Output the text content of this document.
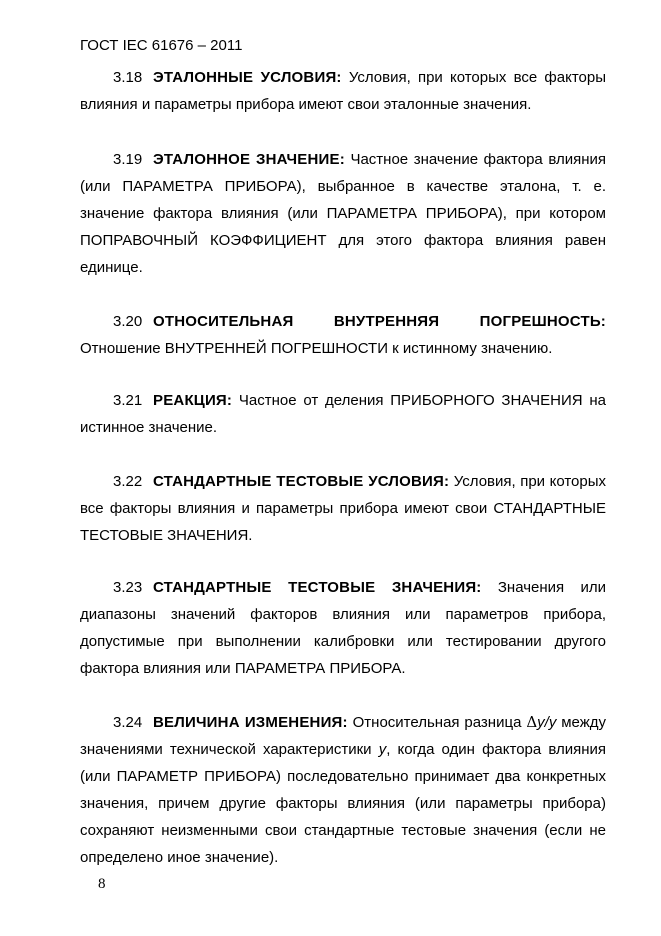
ГОСТ IEC 61676 – 2011
3.18 ЭТАЛОННЫЕ УСЛОВИЯ: Условия, при которых все факторы влияния и параметры прибора имеют свои эталонные значения.
3.19 ЭТАЛОННОЕ ЗНАЧЕНИЕ: Частное значение фактора влияния (или ПАРАМЕТРА ПРИБОРА), выбранное в качестве эталона, т. е. значение фактора влияния (или ПАРАМЕТРА ПРИБОРА), при котором ПОПРАВОЧНЫЙ КОЭФФИЦИЕНТ для этого фактора влияния равен единице.
3.20 ОТНОСИТЕЛЬНАЯ ВНУТРЕННЯЯ ПОГРЕШНОСТЬ: Отношение ВНУТРЕННЕЙ ПОГРЕШНОСТИ к истинному значению.
3.21 РЕАКЦИЯ: Частное от деления ПРИБОРНОГО ЗНАЧЕНИЯ на истинное значение.
3.22 СТАНДАРТНЫЕ ТЕСТОВЫЕ УСЛОВИЯ: Условия, при которых все факторы влияния и параметры прибора имеют свои СТАНДАРТНЫЕ ТЕСТОВЫЕ ЗНАЧЕНИЯ.
3.23 СТАНДАРТНЫЕ ТЕСТОВЫЕ ЗНАЧЕНИЯ: Значения или диапазоны значений факторов влияния или параметров прибора, допустимые при выполнении калибровки или тестировании другого фактора влияния или ПАРАМЕТРА ПРИБОРА.
3.24 ВЕЛИЧИНА ИЗМЕНЕНИЯ: Относительная разница Δy/y между значениями технической характеристики y, когда один фактора влияния (или ПАРАМЕТР ПРИБОРА) последовательно принимает два конкретных значения, причем другие факторы влияния (или параметры прибора) сохраняют неизменными свои стандартные тестовые значения (если не определено иное значение).
8
